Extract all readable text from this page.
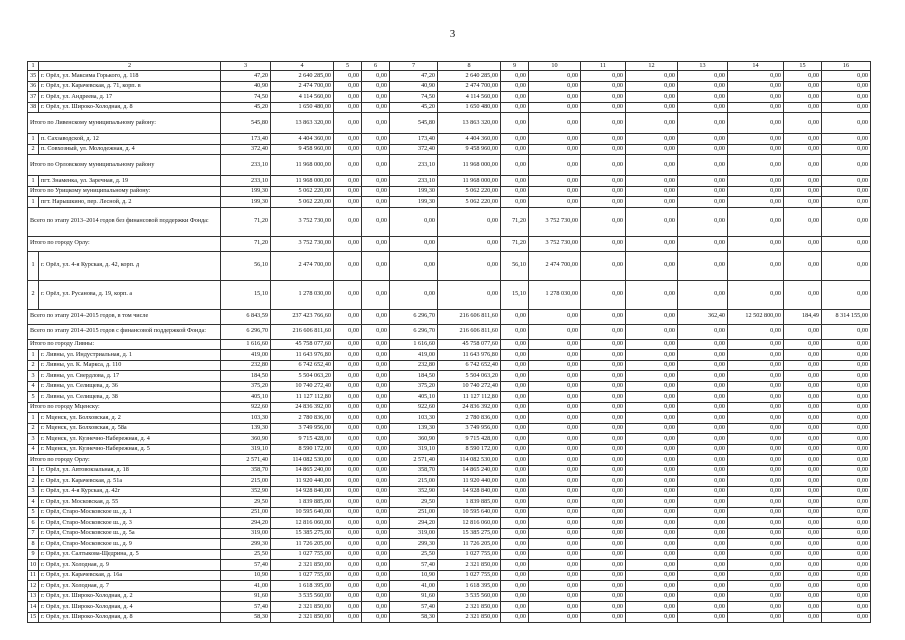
3
1	2	3	4	5	6	7	8	9	10	11	12	13	14	15	16
35	г. Орёл, ул. Максима Горького, д. 118	47,20	2 640 285,00	0,00	0,00	47,20	2 640 285,00	0,00	0,00	0,00	0,00	0,00	0,00	0,00	0,00
36	г. Орёл, ул. Карачевская, д. 71, корп. в	40,90	2 474 700,00	0,00	0,00	40,90	2 474 700,00	0,00	0,00	0,00	0,00	0,00	0,00	0,00	0,00
37	г. Орёл, ул. Андреева, д. 17	74,50	4 114 560,00	0,00	0,00	74,50	4 114 560,00	0,00	0,00	0,00	0,00	0,00	0,00	0,00	0,00
38	г. Орёл, ул. Широко-Холодная, д. 8	45,20	1 650 480,00	0,00	0,00	45,20	1 650 480,00	0,00	0,00	0,00	0,00	0,00	0,00	0,00	0,00
Итого по Ливенскому муниципальному району:		545,80	13 863 320,00	0,00	0,00	545,80	13 863 320,00	0,00	0,00	0,00	0,00	0,00	0,00	0,00	0,00
1	п. Сахзаводской, д. 12	173,40	4 404 360,00	0,00	0,00	173,40	4 404 360,00	0,00	0,00	0,00	0,00	0,00	0,00	0,00	0,00
2	п. Совхозный, ул. Молодежная, д. 4	372,40	9 458 960,00	0,00	0,00	372,40	9 458 960,00	0,00	0,00	0,00	0,00	0,00	0,00	0,00	0,00
Итого по Орловскому муниципальному району		233,10	11 968 000,00	0,00	0,00	233,10	11 968 000,00	0,00	0,00	0,00	0,00	0,00	0,00	0,00	0,00
1	пгт. Знаменка, ул. Заречная, д. 19	233,10	11 968 000,00	0,00	0,00	233,10	11 968 000,00	0,00	0,00	0,00	0,00	0,00	0,00	0,00	0,00
Итого по Урицкому муниципальному району:		199,30	5 062 220,00	0,00	0,00	199,30	5 062 220,00	0,00	0,00	0,00	0,00	0,00	0,00	0,00	0,00
1	пгт. Нарышкино, пер. Лесной, д. 2	199,30	5 062 220,00	0,00	0,00	199,30	5 062 220,00	0,00	0,00	0,00	0,00	0,00	0,00	0,00	0,00
Всего по этапу 2013–2014 годов без финансовой поддержки Фонда:		71,20	3 752 730,00	0,00	0,00	0,00	0,00	71,20	3 752 730,00	0,00	0,00	0,00	0,00	0,00	0,00
Итого по городу Орлу:		71,20	3 752 730,00	0,00	0,00	0,00	0,00	71,20	3 752 730,00	0,00	0,00	0,00	0,00	0,00	0,00
1	г. Орёл, ул. 4-я Курская, д. 42, корп. д	56,10	2 474 700,00	0,00	0,00	0,00	0,00	56,10	2 474 700,00	0,00	0,00	0,00	0,00	0,00	0,00
2	г. Орёл, ул. Русанова, д. 19, корп. а	15,10	1 278 030,00	0,00	0,00	0,00	0,00	15,10	1 278 030,00	0,00	0,00	0,00	0,00	0,00	0,00
Всего по этапу 2014–2015 годов, в том числе		6 843,59	237 423 766,60	0,00	0,00	6 296,70	216 606 811,60	0,00	0,00	0,00	0,00	362,40	12 502 800,00	184,49	8 314 155,00
Всего по этапу 2014–2015 годов с финансовой поддержкой Фонда:		6 296,70	216 606 811,60	0,00	0,00	6 296,70	216 606 811,60	0,00	0,00	0,00	0,00	0,00	0,00	0,00	0,00
Итого по городу Ливны:		1 616,60	45 758 077,60	0,00	0,00	1 616,60	45 758 077,60	0,00	0,00	0,00	0,00	0,00	0,00	0,00	0,00
1	г. Ливны, ул. Индустриальная, д. 1	419,00	11 643 976,80	0,00	0,00	419,00	11 643 976,80	0,00	0,00	0,00	0,00	0,00	0,00	0,00	0,00
2	г. Ливны, ул. К. Маркса, д. 110	232,80	6 742 652,40	0,00	0,00	232,80	6 742 652,40	0,00	0,00	0,00	0,00	0,00	0,00	0,00	0,00
3	г. Ливны, ул. Свердлова, д. 17	184,50	5 504 063,20	0,00	0,00	184,50	5 504 063,20	0,00	0,00	0,00	0,00	0,00	0,00	0,00	0,00
4	г. Ливны, ул. Селищева, д. 36	375,20	10 740 272,40	0,00	0,00	375,20	10 740 272,40	0,00	0,00	0,00	0,00	0,00	0,00	0,00	0,00
5	г. Ливны, ул. Селищева, д. 38	405,10	11 127 112,80	0,00	0,00	405,10	11 127 112,80	0,00	0,00	0,00	0,00	0,00	0,00	0,00	0,00
Итого по городу Мценску:		922,60	24 836 392,00	0,00	0,00	922,60	24 836 392,00	0,00	0,00	0,00	0,00	0,00	0,00	0,00	0,00
1	г. Мценск, ул. Болховская, д. 2	103,30	2 780 836,00	0,00	0,00	103,30	2 780 836,00	0,00	0,00	0,00	0,00	0,00	0,00	0,00	0,00
2	г. Мценск, ул. Болховская, д. 58а	139,30	3 749 956,00	0,00	0,00	139,30	3 749 956,00	0,00	0,00	0,00	0,00	0,00	0,00	0,00	0,00
3	г. Мценск, ул. Кузнечно-Набережная, д. 4	360,90	9 715 428,00	0,00	0,00	360,90	9 715 428,00	0,00	0,00	0,00	0,00	0,00	0,00	0,00	0,00
4	г. Мценск, ул. Кузнечно-Набережная, д. 5	319,10	8 590 172,00	0,00	0,00	319,10	8 590 172,00	0,00	0,00	0,00	0,00	0,00	0,00	0,00	0,00
Итого по городу Орлу:		2 571,40	114 082 530,00	0,00	0,00	2 571,40	114 082 530,00	0,00	0,00	0,00	0,00	0,00	0,00	0,00	0,00
1	г. Орёл, ул. Автовокзальная, д. 18	358,70	14 865 240,00	0,00	0,00	358,70	14 865 240,00	0,00	0,00	0,00	0,00	0,00	0,00	0,00	0,00
2	г. Орёл, ул. Карачевская, д. 51а	215,00	11 920 440,00	0,00	0,00	215,00	11 920 440,00	0,00	0,00	0,00	0,00	0,00	0,00	0,00	0,00
3	г. Орёл, ул. 4-я Курская, д. 42г	352,90	14 928 840,00	0,00	0,00	352,90	14 928 840,00	0,00	0,00	0,00	0,00	0,00	0,00	0,00	0,00
4	г. Орёл, ул. Московская, д. 55	29,50	1 839 885,00	0,00	0,00	29,50	1 839 885,00	0,00	0,00	0,00	0,00	0,00	0,00	0,00	0,00
5	г. Орёл, Старо-Московское ш., д. 1	251,00	10 595 640,00	0,00	0,00	251,00	10 595 640,00	0,00	0,00	0,00	0,00	0,00	0,00	0,00	0,00
6	г. Орёл, Старо-Московское ш., д. 3	294,20	12 816 060,00	0,00	0,00	294,20	12 816 060,00	0,00	0,00	0,00	0,00	0,00	0,00	0,00	0,00
7	г. Орёл, Старо-Московское ш., д. 5а	319,00	15 385 275,00	0,00	0,00	319,00	15 385 275,00	0,00	0,00	0,00	0,00	0,00	0,00	0,00	0,00
8	г. Орёл, Старо-Московское ш., д. 9	299,30	11 726 205,00	0,00	0,00	299,30	11 726 205,00	0,00	0,00	0,00	0,00	0,00	0,00	0,00	0,00
9	г. Орёл, ул. Салтыкова-Щедрина, д. 5	25,50	1 027 755,00	0,00	0,00	25,50	1 027 755,00	0,00	0,00	0,00	0,00	0,00	0,00	0,00	0,00
10	г. Орёл, ул. Холодная, д. 9	57,40	2 321 850,00	0,00	0,00	57,40	2 321 850,00	0,00	0,00	0,00	0,00	0,00	0,00	0,00	0,00
11	г. Орёл, ул. Карачевская, д. 16а	10,90	1 027 755,00	0,00	0,00	10,90	1 027 755,00	0,00	0,00	0,00	0,00	0,00	0,00	0,00	0,00
12	г. Орёл, ул. Холодная, д. 7	41,00	1 618 395,00	0,00	0,00	41,00	1 618 395,00	0,00	0,00	0,00	0,00	0,00	0,00	0,00	0,00
13	г. Орёл, ул. Широко-Холодная, д. 2	91,60	3 535 560,00	0,00	0,00	91,60	3 535 560,00	0,00	0,00	0,00	0,00	0,00	0,00	0,00	0,00
14	г. Орёл, ул. Широко-Холодная, д. 4	57,40	2 321 850,00	0,00	0,00	57,40	2 321 850,00	0,00	0,00	0,00	0,00	0,00	0,00	0,00	0,00
15	г. Орёл, ул. Широко-Холодная, д. 8	58,30	2 321 850,00	0,00	0,00	58,30	2 321 850,00	0,00	0,00	0,00	0,00	0,00	0,00	0,00	0,00
